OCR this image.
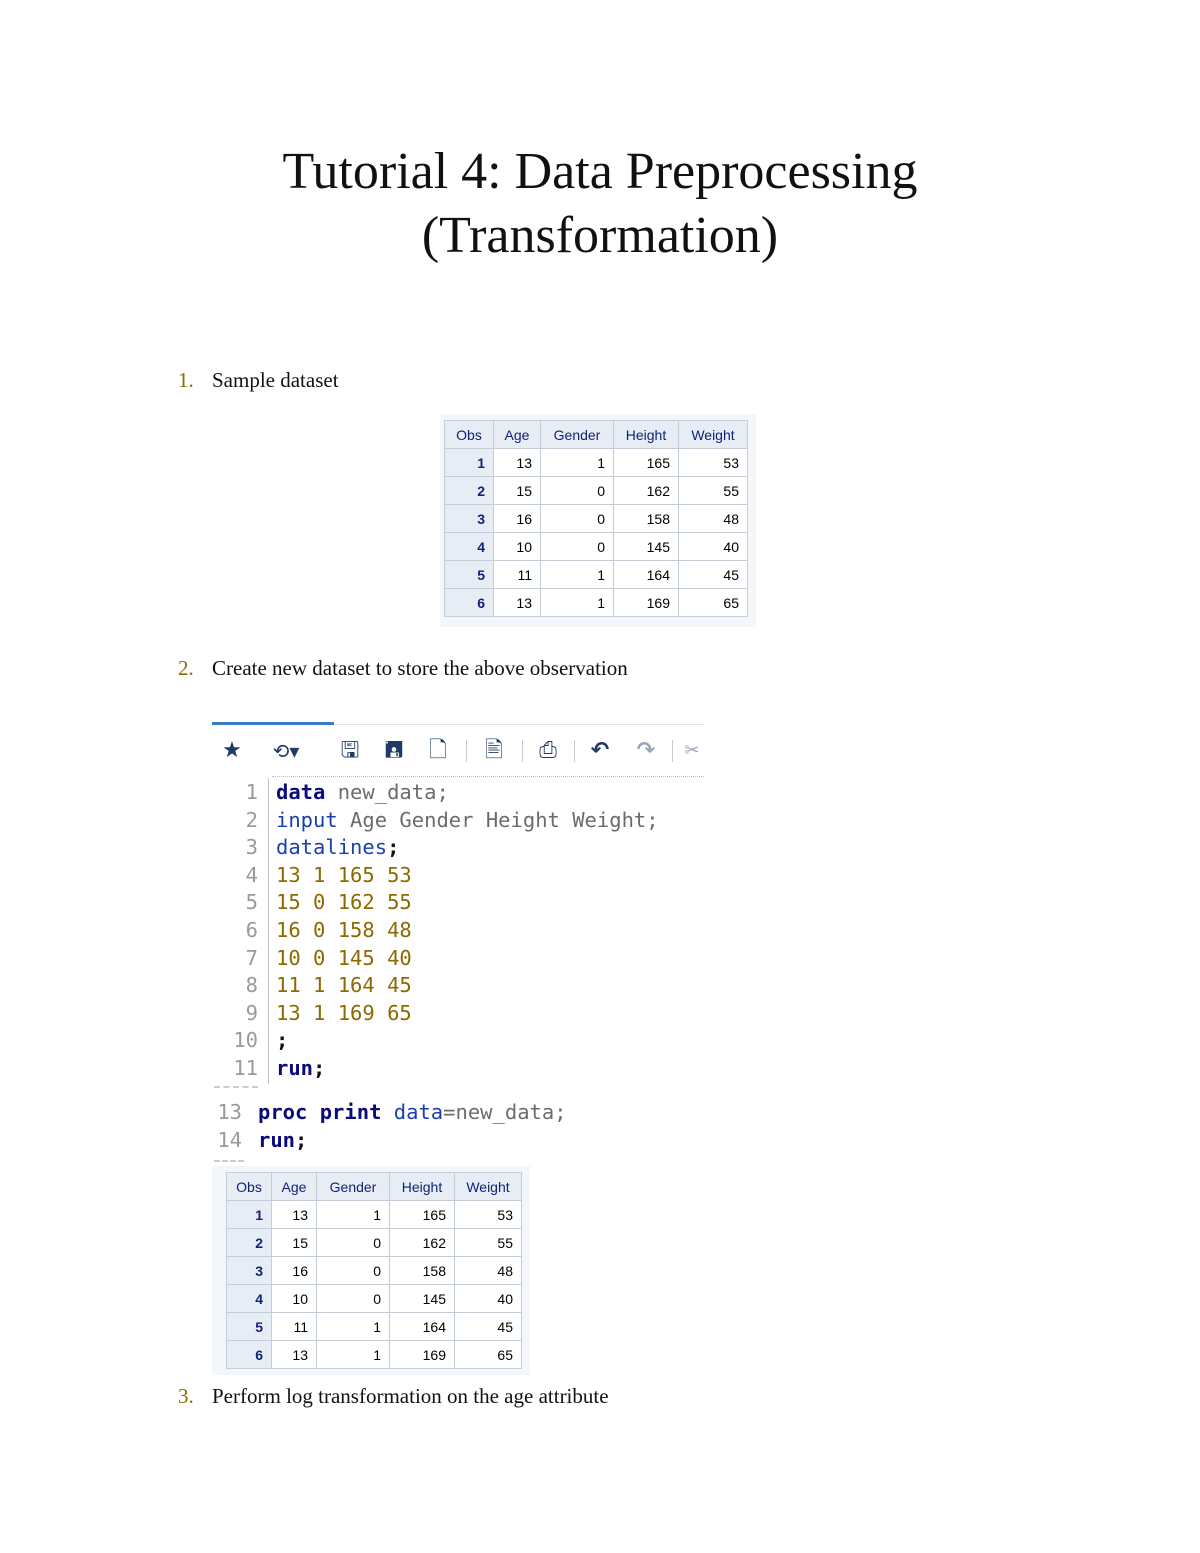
Tutorial 4: Data Preprocessing
(Transformation)
1. Sample dataset
Obs	Age	Gender	Height	Weight
1	13	1	165	53
2	15	0	162	55
3	16	0	158	48
4	10	0	145	40
5	11	1	164	45
6	13	1	169	65
2. Create new dataset to store the above observation
★	⟲▾	🖫 🖪 🗋 🖹 ⎙ ↶ ↷ ✂
1 data new_data;
2 input Age Gender Height Weight;
3 datalines;
4 13 1 165 53
5 15 0 162 55
6 16 0 158 48
7 10 0 145 40
8 11 1 164 45
9 13 1 169 65
10 ;
11 run;
13 proc print data=new_data;
14 run;
Obs	Age	Gender	Height	Weight
1	13	1	165	53
2	15	0	162	55
3	16	0	158	48
4	10	0	145	40
5	11	1	164	45
6	13	1	169	65
3. Perform log transformation on the age attribute
